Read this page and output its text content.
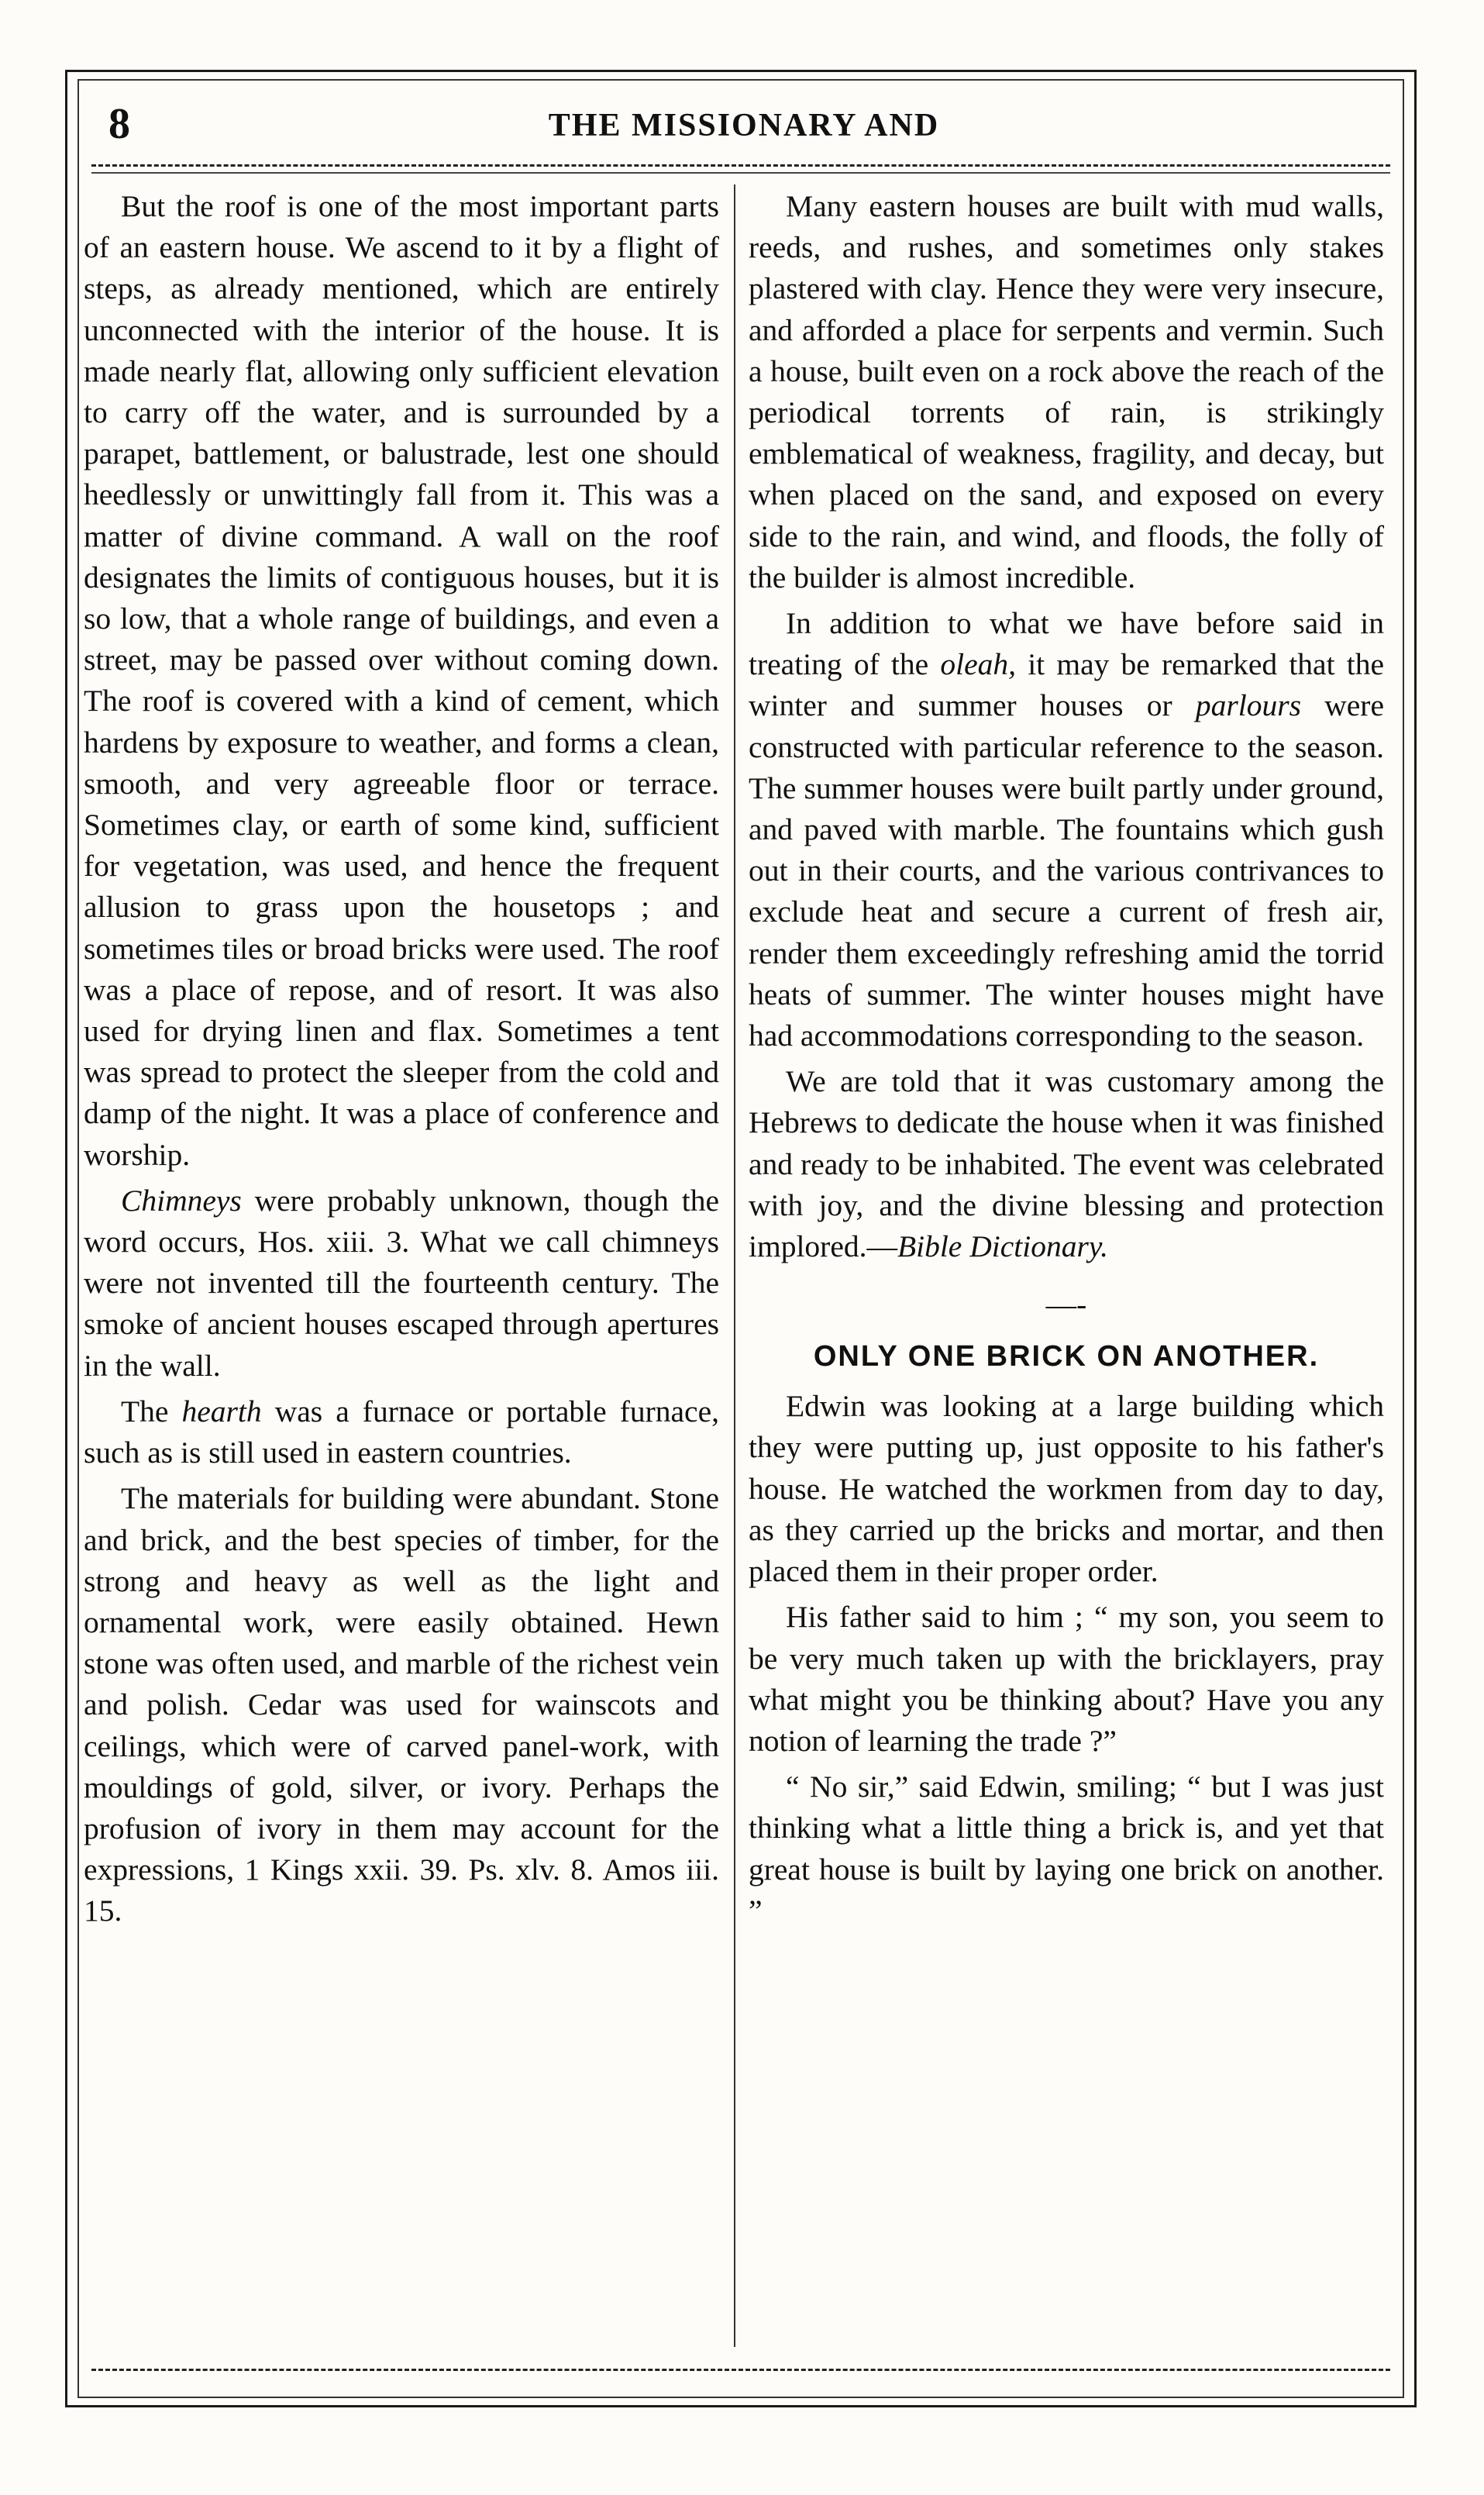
8	THE MISSIONARY AND

But the roof is one of the most important parts of an eastern house. We ascend to it by a flight of steps, as already mentioned, which are entirely unconnected with the interior of the house. It is made nearly flat, allowing only sufficient elevation to carry off the water, and is surrounded by a parapet, battlement, or balustrade, lest one should heedlessly or unwittingly fall from it. This was a matter of divine command. A wall on the roof designates the limits of contiguous houses, but it is so low, that a whole range of buildings, and even a street, may be passed over without coming down. The roof is covered with a kind of cement, which hardens by exposure to weather, and forms a clean, smooth, and very agreeable floor or terrace. Sometimes clay, or earth of some kind, sufficient for vegetation, was used, and hence the frequent allusion to grass upon the housetops ; and sometimes tiles or broad bricks were used. The roof was a place of repose, and of resort. It was also used for drying linen and flax. Sometimes a tent was spread to protect the sleeper from the cold and damp of the night. It was a place of conference and worship.

Chimneys were probably unknown, though the word occurs, Hos. xiii. 3. What we call chimneys were not invented till the fourteenth century. The smoke of ancient houses escaped through apertures in the wall.

The hearth was a furnace or portable furnace, such as is still used in eastern countries.

The materials for building were abundant. Stone and brick, and the best species of timber, for the strong and heavy as well as the light and ornamental work, were easily obtained. Hewn stone was often used, and marble of the richest vein and polish. Cedar was used for wainscots and ceilings, which were of carved panel-work, with mouldings of gold, silver, or ivory. Perhaps the profusion of ivory in them may account for the expressions, 1 Kings xxii. 39. Ps. xlv. 8. Amos iii. 15.

Many eastern houses are built with mud walls, reeds, and rushes, and sometimes only stakes plastered with clay. Hence they were very insecure, and afforded a place for serpents and vermin. Such a house, built even on a rock above the reach of the periodical torrents of rain, is strikingly emblematical of weakness, fragility, and decay, but when placed on the sand, and exposed on every side to the rain, and wind, and floods, the folly of the builder is almost incredible.

In addition to what we have before said in treating of the oleah, it may be remarked that the winter and summer houses or parlours were constructed with particular reference to the season. The summer houses were built partly under ground, and paved with marble. The fountains which gush out in their courts, and the various contrivances to exclude heat and secure a current of fresh air, render them exceedingly refreshing amid the torrid heats of summer. The winter houses might have had accommodations corresponding to the season.

We are told that it was customary among the Hebrews to dedicate the house when it was finished and ready to be inhabited. The event was celebrated with joy, and the divine blessing and protection implored.—Bible Dictionary.

—-
ONLY ONE BRICK ON ANOTHER.

Edwin was looking at a large building which they were putting up, just opposite to his father's house. He watched the workmen from day to day, as they carried up the bricks and mortar, and then placed them in their proper order.

His father said to him ; “ my son, you seem to be very much taken up with the bricklayers, pray what might you be thinking about? Have you any notion of learning the trade ?”

“ No sir,” said Edwin, smiling; “ but I was just thinking what a little thing a brick is, and yet that great house is built by laying one brick on another. ”
